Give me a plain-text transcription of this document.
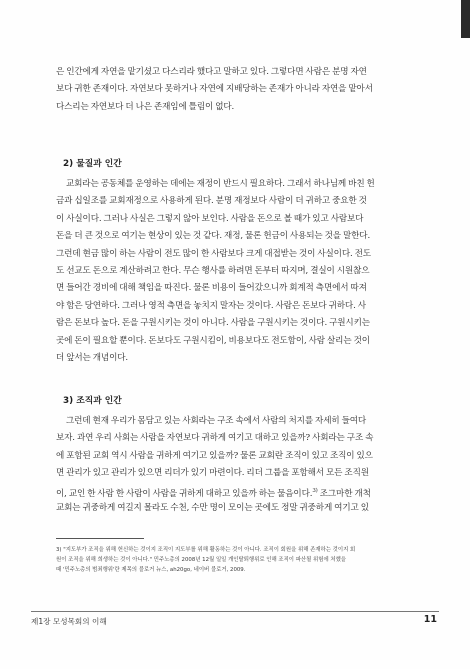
은 인간에게 자연을 맡기셨고 다스리라 했다고 말하고 있다. 그렇다면 사람은 분명 자연
보다 귀한 존재이다. 자연보다 못하거나 자연에 지배당하는 존재가 아니라 자연을 맡아서
다스리는 자연보다 더 나은 존재임에 틀림이 없다.

2) 물질과 인간

교회라는 공동체를 운영하는 데에는 재정이 반드시 필요하다. 그래서 하나님께 바친 헌
금과 십일조를 교회재정으로 사용하게 된다. 분명 재정보다 사람이 더 귀하고 중요한 것
이 사실이다. 그러나 사실은 그렇지 않아 보인다. 사람을 돈으로 볼 때가 있고 사람보다
돈을 더 큰 것으로 여기는 현상이 있는 것 같다. 재정, 물론 헌금이 사용되는 것을 말한다.
그런데 현금 많이 하는 사람이 전도 많이 한 사람보다 크게 대접받는 것이 사실이다. 전도
도 선교도 돈으로 계산하려고 한다. 무슨 행사를 하려면 돈부터 따지며, 결실이 시원찮으
면 들어간 경비에 대해 책임을 따진다. 물론 비용이 들어갔으니까 회계적 측면에서 따져
야 함은 당연하다. 그러나 영적 측면을 놓치지 말자는 것이다. 사람은 돈보다 귀하다. 사
람은 돈보다 높다. 돈을 구원시키는 것이 아니다. 사람을 구원시키는 것이다. 구원시키는
곳에 돈이 필요할 뿐이다. 돈보다도 구원시킴이, 비용보다도 전도함이, 사람 살리는 것이
더 앞서는 개념이다.

3) 조직과 인간

그런데 현재 우리가 몸담고 있는 사회라는 구조 속에서 사람의 처지를 자세히 들여다
보자. 과연 우리 사회는 사람을 자연보다 귀하게 여기고 대하고 있을까? 사회라는 구조 속
에 포함된 교회 역시 사람을 귀하게 여기고 있을까? 물론 교회란 조직이 있고 조직이 있으
면 관리가 있고 관리가 있으면 리더가 있기 마련이다. 리더 그룹을 포함해서 모든 조직원
이, 교인 한 사람 한 사람이 사람을 귀하게 대하고 있을까 하는 물음이다.$^{3)}$ 조그마한 개척
교회는 귀중하게 여길지 몰라도 수천, 수만 명이 모이는 곳에도 정말 귀중하게 여기고 있

3) "지도부가 조직을 위해 헌신하는 것이지 조직이 지도부를 위해 활동하는 것이 아니다. 조직이 회원을 위해 존재하는 것이지 회
원이 조직을 위해 희생하는 것이 아니다." 민주노총의 2008년 12월 일일 개인탈퇴행위로 인해 조직이 파산될 위험에 처했을
때 '민주노총의 범죄행위'란 제목의 블로거 뉴스, ah20go, 네이버 블로거, 2009.
제1장 모성목회의 이해	11
